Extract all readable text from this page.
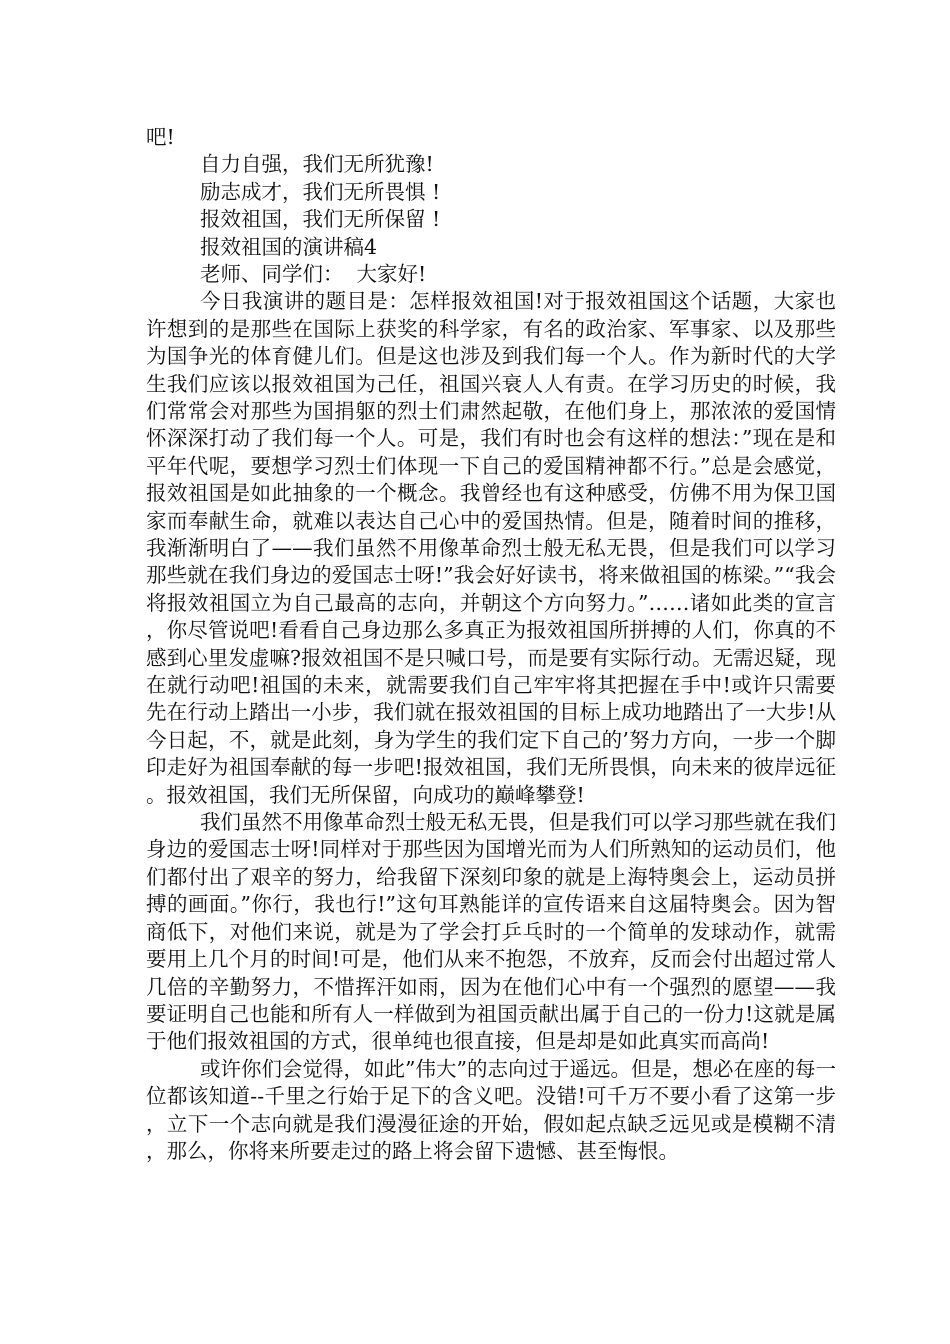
吧!
自力自强，我们无所犹豫!
励志成才，我们无所畏惧 !
报效祖国，我们无所保留 !
报效祖国的演讲稿4
老师、同学们：  大家好!

今日我演讲的题目是：怎样报效祖国!对于报效祖国这个话题，大家也许想到的是那些在国际上获奖的科学家，有名的政治家、军事家、以及那些为国争光的体育健儿们。但是这也涉及到我们每一个人。作为新时代的大学生我们应该以报效祖国为己任，祖国兴衰人人有责。在学习历史的时候，我们常常会对那些为国捐躯的烈士们肃然起敬，在他们身上，那浓浓的爱国情怀深深打动了我们每一个人。可是，我们有时也会有这样的想法：”现在是和平年代呢，要想学习烈士们体现一下自己的爱国精神都不行。”总是会感觉，报效祖国是如此抽象的一个概念。我曾经也有这种感受，仿佛不用为保卫国家而奉献生命，就难以表达自己心中的爱国热情。但是，随着时间的推移，我渐渐明白了——我们虽然不用像革命烈士般无私无畏，但是我们可以学习那些就在我们身边的爱国志士呀!”我会好好读书，将来做祖国的栋梁。”“我会将报效祖国立为自己最高的志向，并朝这个方向努力。”……诸如此类的宣言，你尽管说吧!看看自己身边那么多真正为报效祖国所拼搏的人们，你真的不感到心里发虚嘛?报效祖国不是只喊口号，而是要有实际行动。无需迟疑，现在就行动吧!祖国的未来，就需要我们自己牢牢将其把握在手中!或许只需要先在行动上踏出一小步，我们就在报效祖国的目标上成功地踏出了一大步!从今日起，不，就是此刻，身为学生的我们定下自己的’努力方向，一步一个脚印走好为祖国奉献的每一步吧!报效祖国，我们无所畏惧，向未来的彼岸远征。报效祖国，我们无所保留，向成功的巅峰攀登!

我们虽然不用像革命烈士般无私无畏，但是我们可以学习那些就在我们身边的爱国志士呀!同样对于那些因为国增光而为人们所熟知的运动员们，他们都付出了艰辛的努力，给我留下深刻印象的就是上海特奥会上，运动员拼搏的画面。”你行，我也行!”这句耳熟能详的宣传语来自这届特奥会。因为智商低下，对他们来说，就是为了学会打乒乓时的一个简单的发球动作，就需要用上几个月的时间!可是，他们从来不抱怨，不放弃，反而会付出超过常人几倍的辛勤努力，不惜挥汗如雨，因为在他们心中有一个强烈的愿望——我要证明自己也能和所有人一样做到为祖国贡献出属于自己的一份力!这就是属于他们报效祖国的方式，很单纯也很直接，但是却是如此真实而高尚!

或许你们会觉得，如此”伟大”的志向过于遥远。但是，想必在座的每一位都该知道--千里之行始于足下的含义吧。没错!可千万不要小看了这第一步，立下一个志向就是我们漫漫征途的开始，假如起点缺乏远见或是模糊不清，那么，你将来所要走过的路上将会留下遗憾、甚至悔恨。
